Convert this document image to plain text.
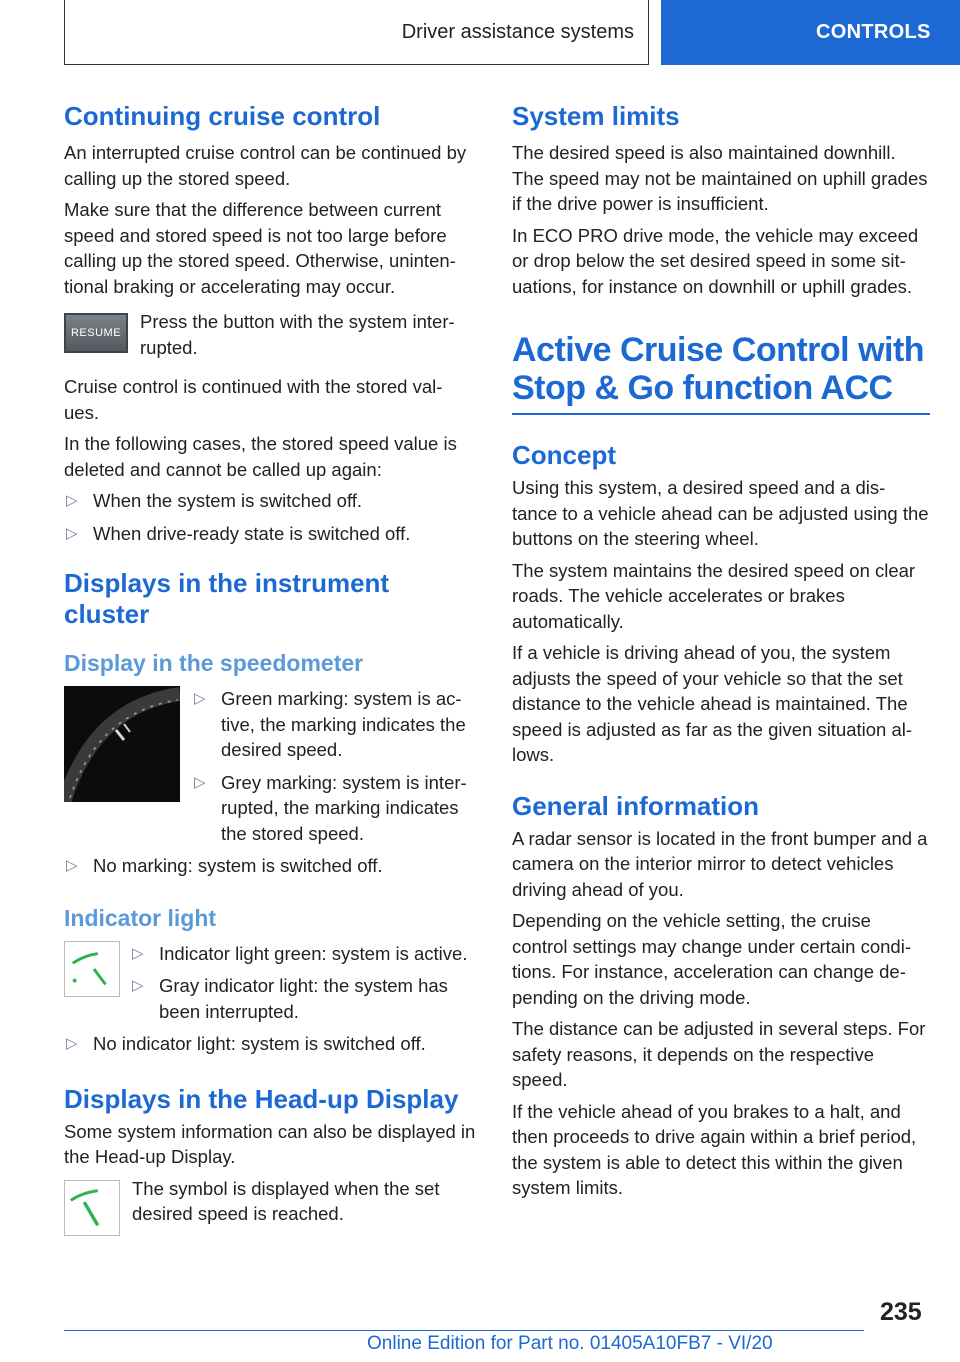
Driver assistance systems	CONTROLS
Continuing cruise control

An interrupted cruise control can be continued by calling up the stored speed.

Make sure that the difference between current speed and stored speed is not too large before calling up the stored speed. Otherwise, uninten-tional braking or accelerating may occur.

RESUME

Press the button with the system inter-rupted.

Cruise control is continued with the stored val-ues.

In the following cases, the stored speed value is deleted and cannot be called up again:

▷ When the system is switched off.
▷ When drive-ready state is switched off.
Displays in the instrument cluster
Display in the speedometer
▷ Green marking: system is ac-tive, the marking indicates the desired speed.
▷ Grey marking: system is inter-rupted, the marking indicates the stored speed.
▷ No marking: system is switched off.
Indicator light
▷ Indicator light green: system is active.
▷ Gray indicator light: the system has been interrupted.
▷ No indicator light: system is switched off.
Displays in the Head-up Display

Some system information can also be displayed in the Head-up Display.

The symbol is displayed when the set desired speed is reached.

System limits

The desired speed is also maintained downhill. The speed may not be maintained on uphill grades if the drive power is insufficient.

In ECO PRO drive mode, the vehicle may exceed or drop below the set desired speed in some sit-uations, for instance on downhill or uphill grades.

Active Cruise Control with Stop & Go function ACC
Concept

Using this system, a desired speed and a dis-tance to a vehicle ahead can be adjusted using the buttons on the steering wheel.

The system maintains the desired speed on clear roads. The vehicle accelerates or brakes automatically.

If a vehicle is driving ahead of you, the system adjusts the speed of your vehicle so that the set distance to the vehicle ahead is maintained. The speed is adjusted as far as the given situation al-lows.

General information

A radar sensor is located in the front bumper and a camera on the interior mirror to detect vehicles driving ahead of you.

Depending on the vehicle setting, the cruise control settings may change under certain condi-tions. For instance, acceleration can change de-pending on the driving mode.

The distance can be adjusted in several steps. For safety reasons, it depends on the respective speed.

If the vehicle ahead of you brakes to a halt, and then proceeds to drive again within a brief period, the system is able to detect this within the given system limits.

235
Online Edition for Part no. 01405A10FB7 - VI/20
